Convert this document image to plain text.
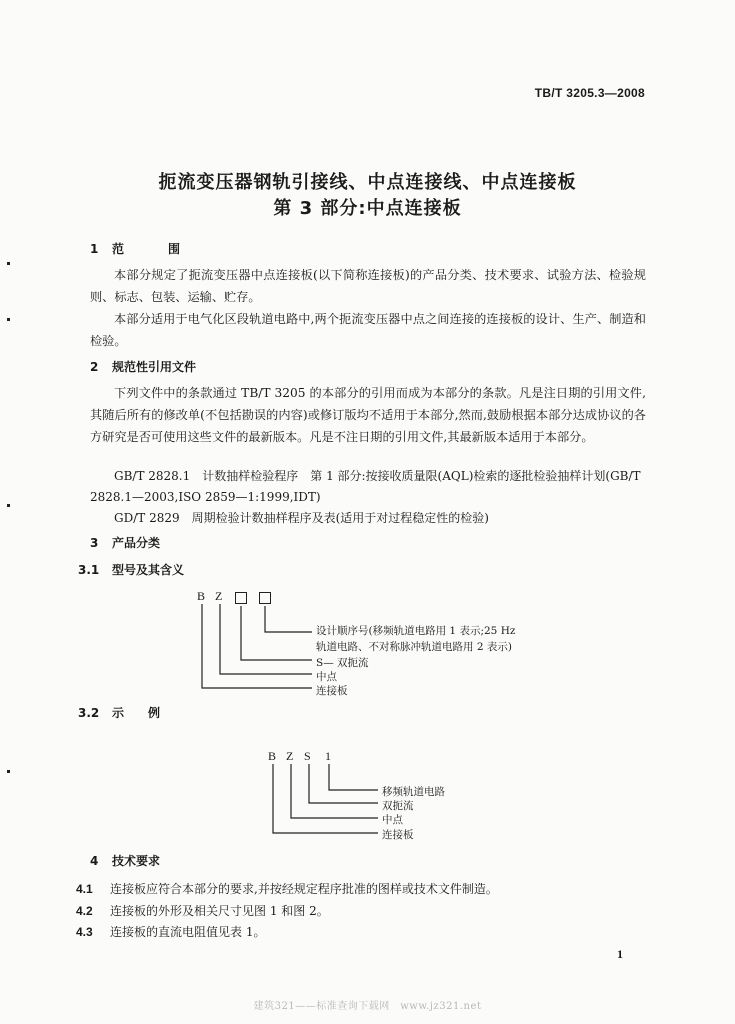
TB/T 3205.3—2008
扼流变压器钢轨引接线、中点连接线、中点连接板
第 3 部分:中点连接板
1 范　围
本部分规定了扼流变压器中点连接板(以下简称连接板)的产品分类、技术要求、试验方法、检验规则、标志、包装、运输、贮存。
本部分适用于电气化区段轨道电路中,两个扼流变压器中点之间连接的连接板的设计、生产、制造和检验。
2 规范性引用文件
下列文件中的条款通过 TB/T 3205 的本部分的引用而成为本部分的条款。凡是注日期的引用文件,其随后所有的修改单(不包括勘误的内容)或修订版均不适用于本部分,然而,鼓励根据本部分达成协议的各方研究是否可使用这些文件的最新版本。凡是不注日期的引用文件,其最新版本适用于本部分。
GB/T 2828.1　计数抽样检验程序　第 1 部分:按接收质量限(AQL)检索的逐批检验抽样计划(GB/T 2828.1—2003,ISO 2859—1:1999,IDT)
GD/T 2829　周期检验计数抽样程序及表(适用于对过程稳定性的检验)
3 产品分类
3.1 型号及其含义
B Z
设计顺序号(移频轨道电路用 1 表示;25 Hz
轨道电路、不对称脉冲轨道电路用 2 表示)
S— 双扼流
中点
连接板
3.2 示　　例
B Z S 1
移频轨道电路
双扼流
中点
连接板
4 技术要求
4.1 连接板应符合本部分的要求,并按经规定程序批准的图样或技术文件制造。
4.2 连接板的外形及相关尺寸见图 1 和图 2。
4.3 连接板的直流电阻值见表 1。
1
建筑321——标准查询下载网　www.jz321.net
